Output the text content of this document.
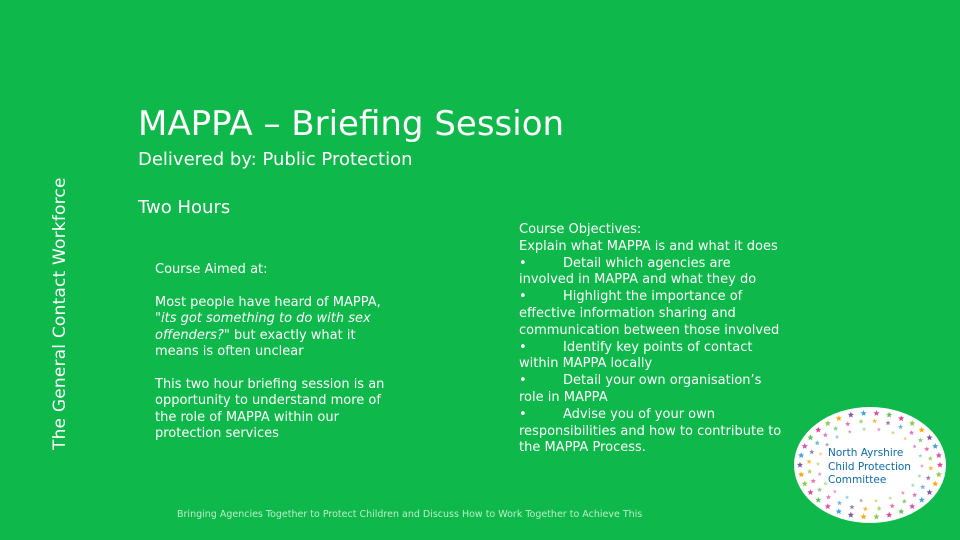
The General Contact Workforce
MAPPA – Briefing Session
Delivered by: Public Protection
Two Hours

Course Aimed at:

Most people have heard of MAPPA, "its got something to do with sex offenders?" but exactly what it means is often unclear

This two hour briefing session is an opportunity to understand more of the role of MAPPA within our protection services

Course Objectives:
Explain what MAPPA is and what it does
•	Detail which agencies are involved in MAPPA and what they do
•	Highlight the importance of effective information sharing and communication between those involved
•	Identify key points of contact within MAPPA locally
•	Detail your own organisation’s role in MAPPA
•	Advise you of your own responsibilities and how to contribute to the MAPPA Process.
Bringing Agencies Together to Protect Children and Discuss How to Work Together to Achieve This
North Ayrshire
Child Protection
Committee
